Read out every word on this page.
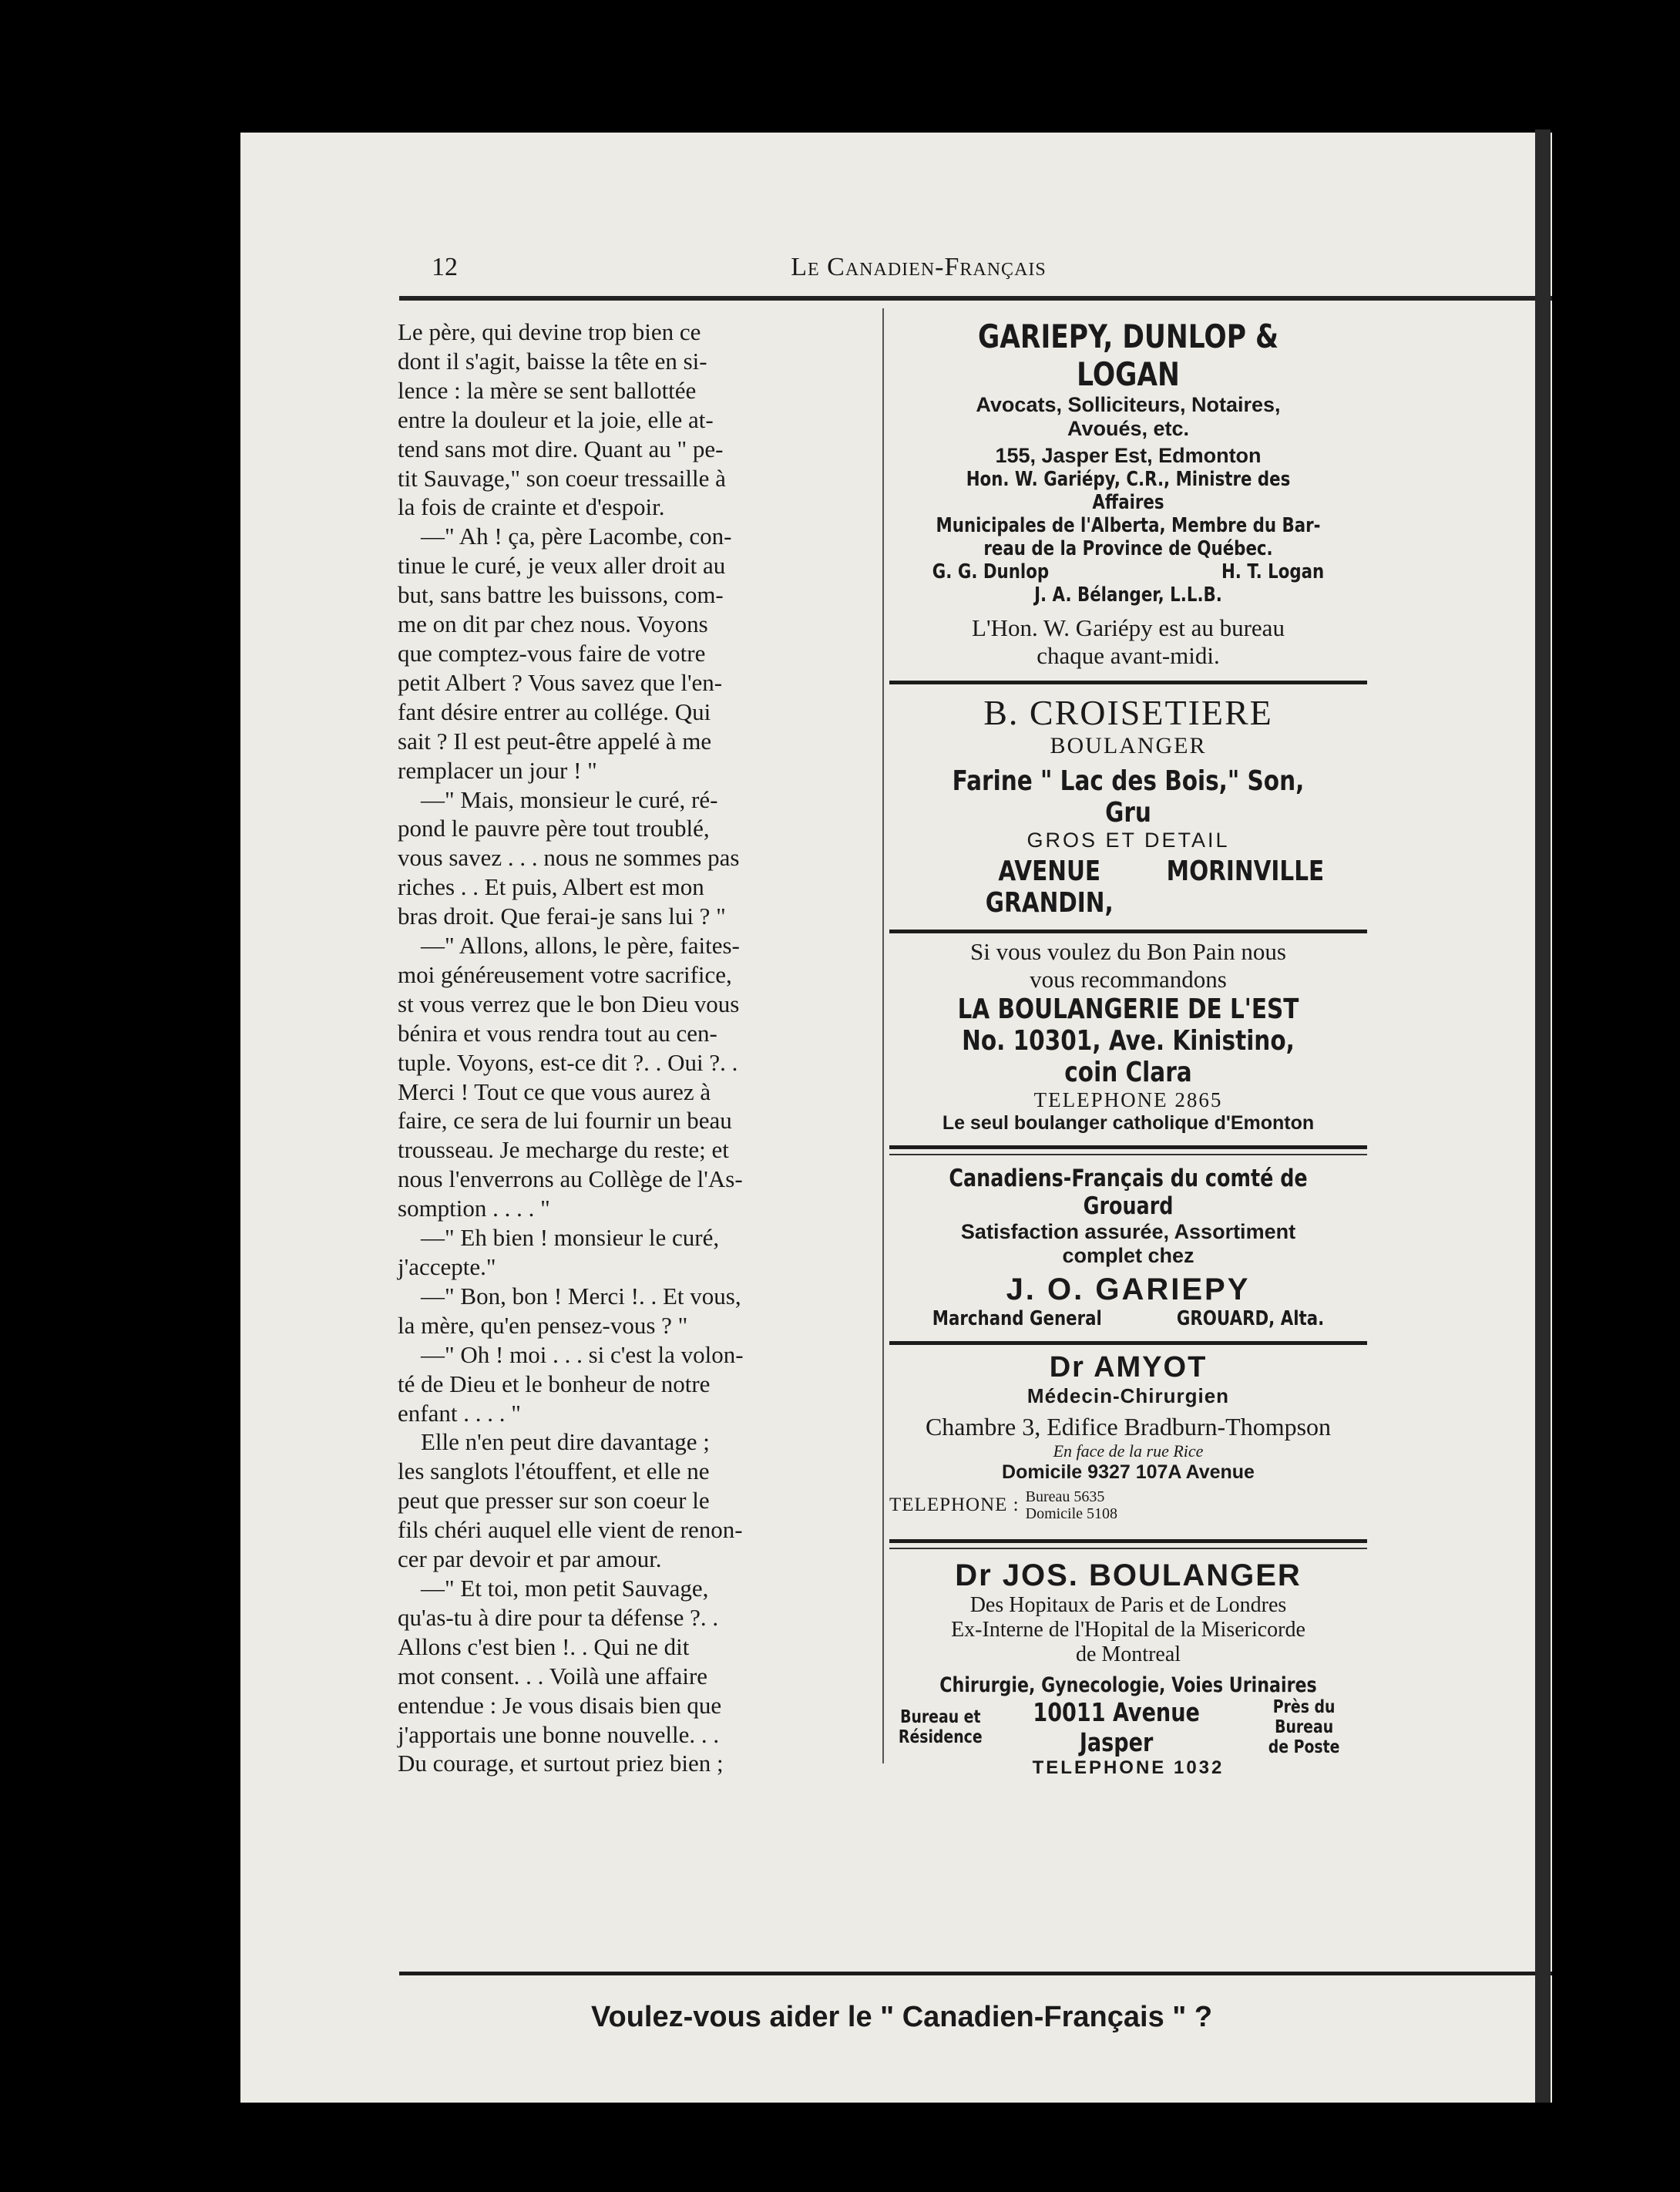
12	Le Canadien-Français

Le père, qui devine trop bien ce

dont il s'agit, baisse la tête en si-

lence : la mère se sent ballottée

entre la douleur et la joie, elle at-

tend sans mot dire. Quant au " pe-

tit Sauvage," son coeur tressaille à

la fois de crainte et d'espoir.

—" Ah ! ça, père Lacombe, con-

tinue le curé, je veux aller droit au

but, sans battre les buissons, com-

me on dit par chez nous. Voyons

que comptez-vous faire de votre

petit Albert ? Vous savez que l'en-

fant désire entrer au collége. Qui

sait ? Il est peut-être appelé à me

remplacer un jour ! "

—" Mais, monsieur le curé, ré-

pond le pauvre père tout troublé,

vous savez . . . nous ne sommes pas

riches . . Et puis, Albert est mon

bras droit. Que ferai-je sans lui ? "

—" Allons, allons, le père, faites-

moi généreusement votre sacrifice,

st vous verrez que le bon Dieu vous

bénira et vous rendra tout au cen-

tuple. Voyons, est-ce dit ?. . Oui ?. .

Merci ! Tout ce que vous aurez à

faire, ce sera de lui fournir un beau

trousseau. Je mecharge du reste; et

nous l'enverrons au Collège de l'As-

somption . . . . "

—" Eh bien ! monsieur le curé,

j'accepte."

—" Bon, bon ! Merci !. . Et vous,

la mère, qu'en pensez-vous ? "

—" Oh ! moi . . . si c'est la volon-

té de Dieu et le bonheur de notre

enfant . . . . "

Elle n'en peut dire davantage ;

les sanglots l'étouffent, et elle ne

peut que presser sur son coeur le

fils chéri auquel elle vient de renon-

cer par devoir et par amour.

—" Et toi, mon petit Sauvage,

qu'as-tu à dire pour ta défense ?. .

Allons c'est bien !. . Qui ne dit

mot consent. . . Voilà une affaire

entendue : Je vous disais bien que

j'apportais une bonne nouvelle. . .

Du courage, et surtout priez bien ;

GARIEPY, DUNLOP & LOGAN
Avocats, Solliciteurs, Notaires,
Avoués, etc.
155, Jasper Est, Edmonton
Hon. W. Gariépy, C.R., Ministre des Affaires
Municipales de l'Alberta, Membre du Bar-
reau de la Province de Québec.
G. G. Dunlop	H. T. Logan
J. A. Bélanger, L.L.B.
L'Hon. W. Gariépy est au bureau
chaque avant-midi.
B. CROISETIERE
BOULANGER
Farine " Lac des Bois," Son, Gru
GROS ET DETAIL
AVENUE GRANDIN,
MORINVILLE
Si vous voulez du Bon Pain nous
vous recommandons
LA BOULANGERIE DE L'EST
No. 10301, Ave. Kinistino, coin Clara
TELEPHONE 2865
Le seul boulanger catholique d'Emonton
Canadiens-Français du comté de Grouard
Satisfaction assurée, Assortiment
complet chez
J. O. GARIEPY
Marchand General	GROUARD, Alta.
Dr AMYOT
Médecin-Chirurgien
Chambre 3, Edifice Bradburn-Thompson
En face de la rue Rice
Domicile 9327 107A Avenue
TELEPHONE : Bureau 5635
Domicile 5108
Dr JOS. BOULANGER
Des Hopitaux de Paris et de Londres
Ex-Interne de l'Hopital de la Misericorde
de Montreal
Chirurgie, Gynecologie, Voies Urinaires
Bureau et
Résidence
10011 Avenue Jasper
Près du Bureau
de Poste
TELEPHONE 1032
Voulez-vous aider le " Canadien-Français " ?
